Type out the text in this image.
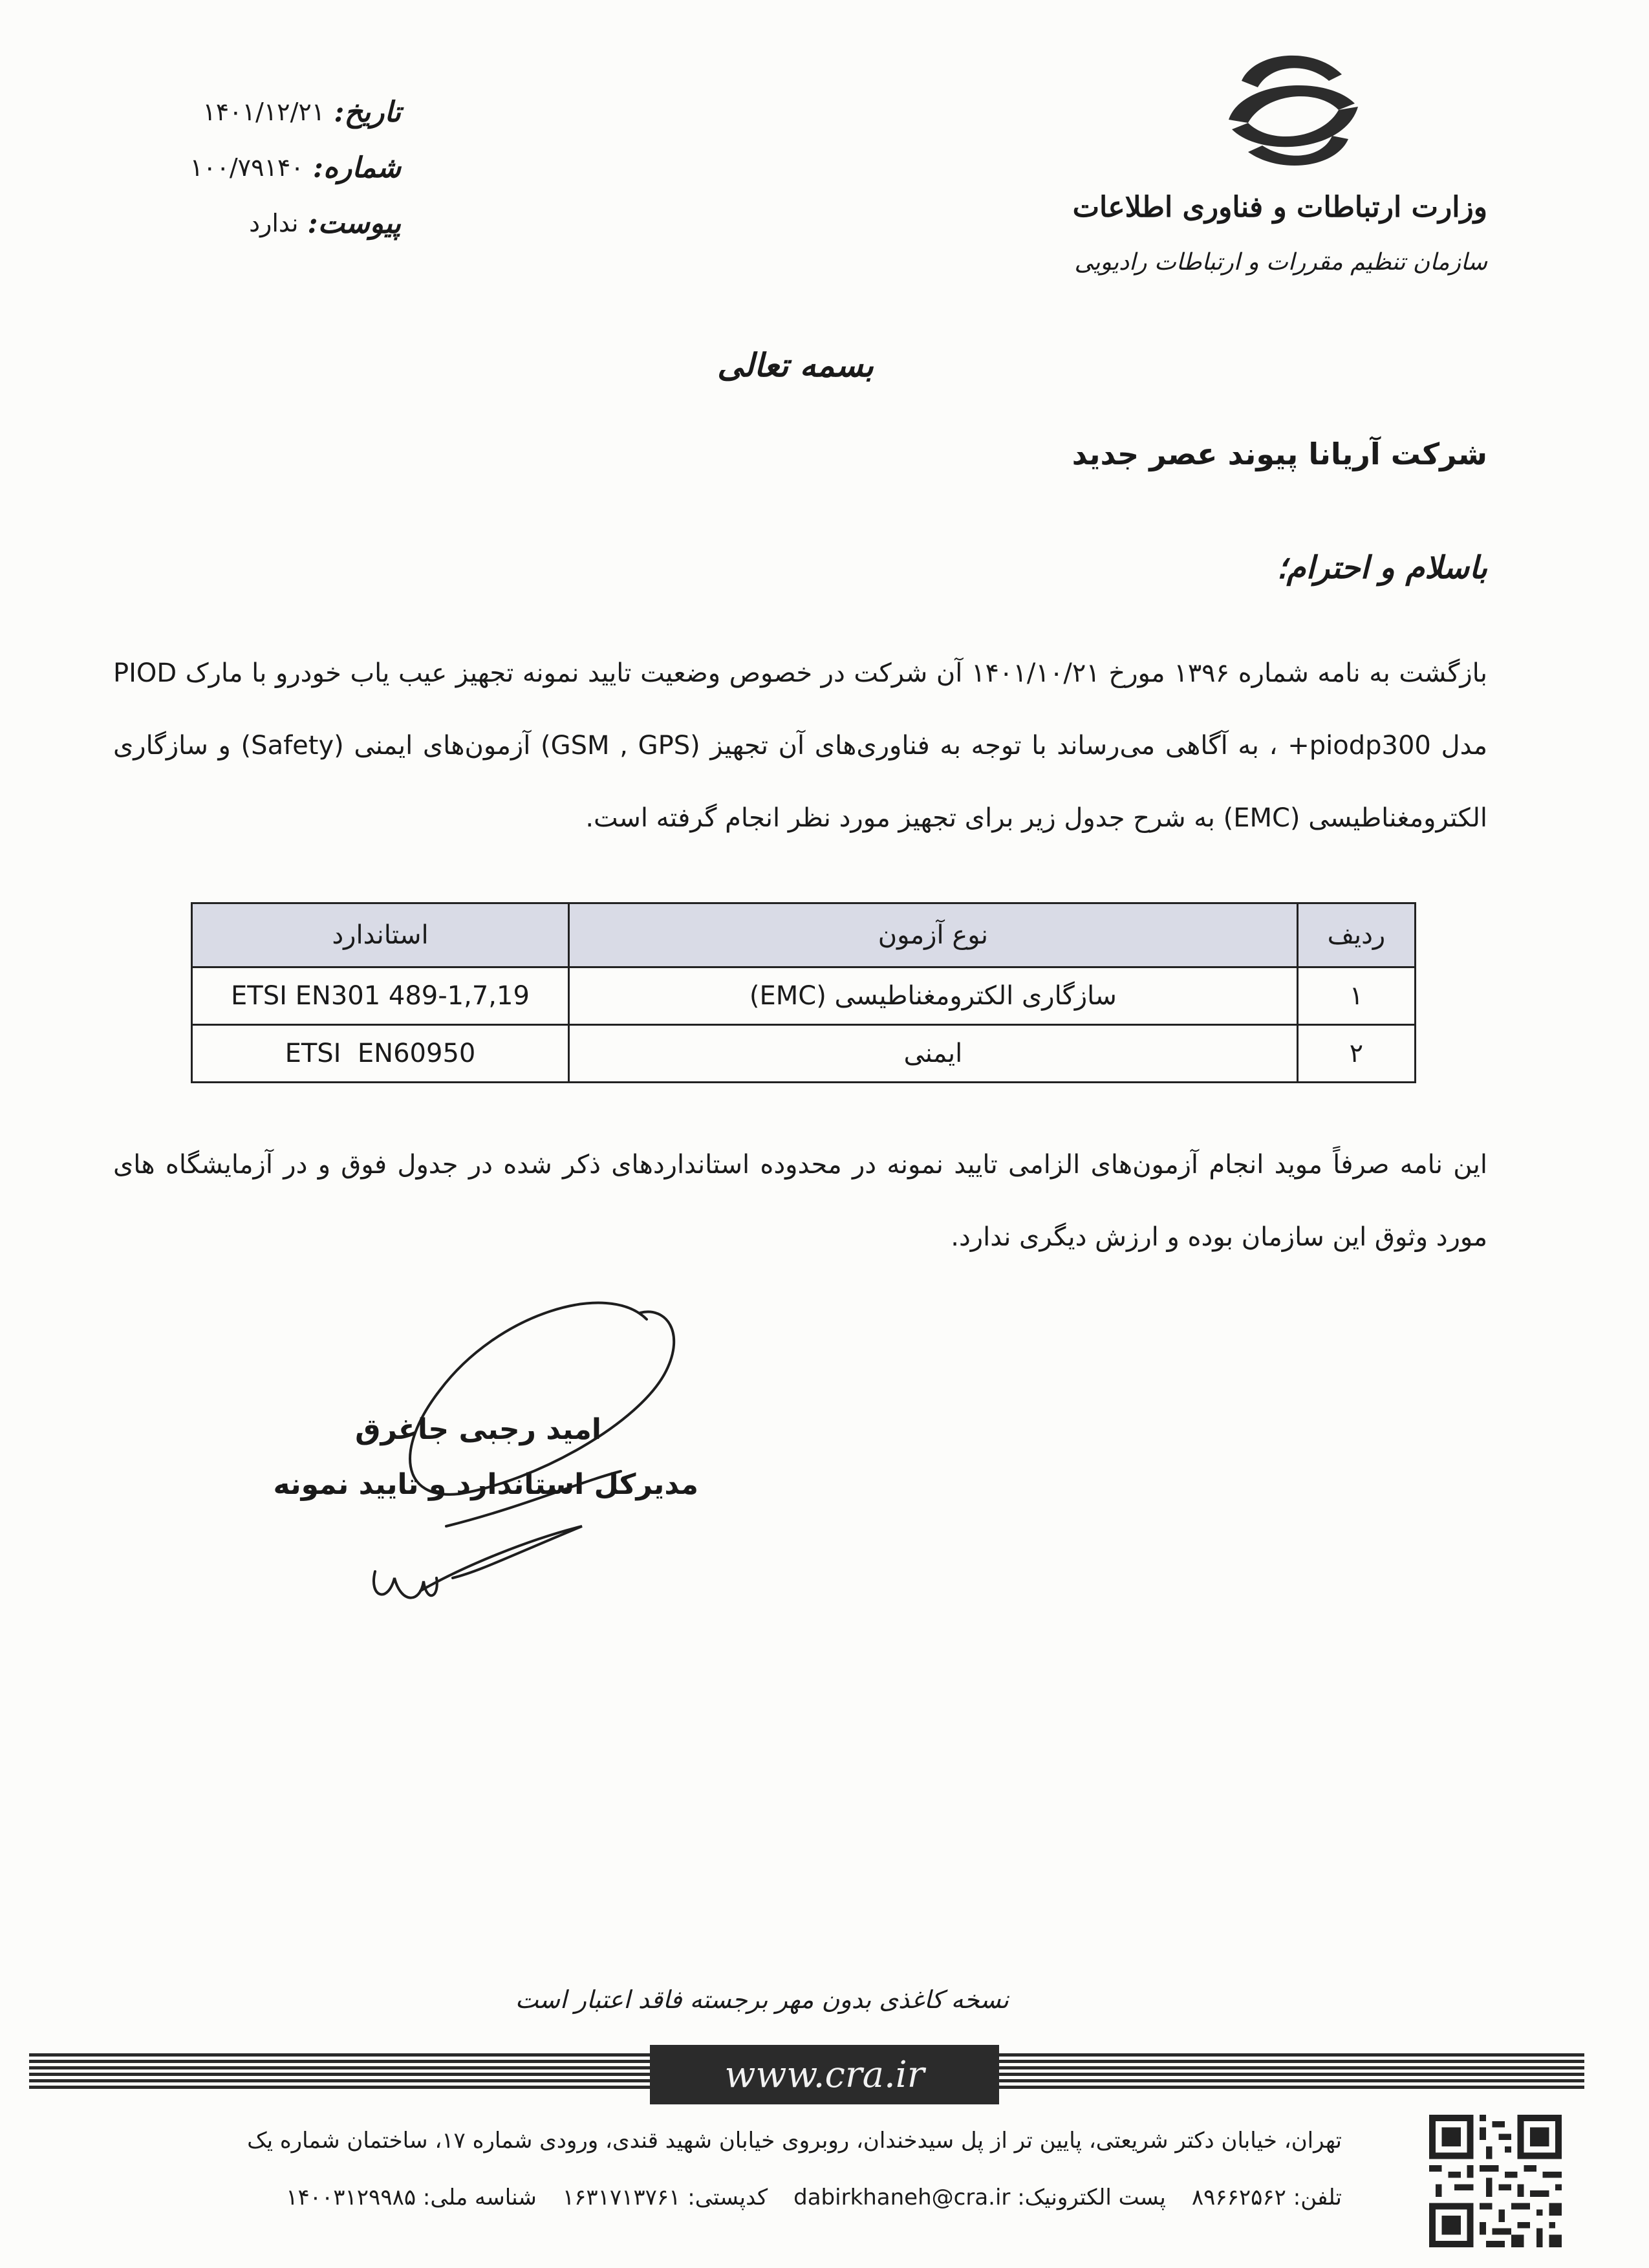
تاریخ:
۱۴۰۱/۱۲/۲۱
شماره:
۱۰۰/۷۹۱۴۰
پیوست:
ندارد	وزارت ارتباطات و فناوری اطلاعات
سازمان تنظیم مقررات و ارتباطات رادیویی
بسمه تعالی
شرکت آریانا پیوند عصر جدید
باسلام و احترام؛
بازگشت به نامه شماره ۱۳۹۶ مورخ ۱۴۰۱/۱۰/۲۱ آن شرکت در خصوص وضعیت تایید نمونه تجهیز عیب یاب خودرو با مارک PIOD مدل piodp300+ ، به آگاهی می‌رساند با توجه به فناوری‌های آن تجهیز (GSM , GPS) آزمون‌های ایمنی (Safety) و سازگاری الکترومغناطیسی (EMC) به شرح جدول زیر برای تجهیز مورد نظر انجام گرفته است.
ردیف	نوع آزمون	استاندارد
۱	سازگاری الکترومغناطیسی (EMC)	ETSI EN301 489-1,7,19
۲	ایمنی	ETSI  EN60950
این نامه صرفاً موید انجام آزمون‌های الزامی تایید نمونه در محدوده استانداردهای ذکر شده در جدول فوق و در آزمایشگاه های مورد وثوق این سازمان بوده و ارزش دیگری ندارد.
امید رجبی جاغرق
مدیرکل استاندارد و تایید نمونه
نسخه کاغذی بدون مهر برجسته فاقد اعتبار است
www.cra.ir
تهران، خیابان دکتر شریعتی، پایین تر از پل سیدخندان، روبروی خیابان شهید قندی، ورودی شماره ۱۷، ساختمان شماره یک
تلفن: ۸۹۶۶۲۵۶۲
پست الکترونیک: dabirkhaneh@cra.ir
کدپستی: ۱۶۳۱۷۱۳۷۶۱
شناسه ملی: ۱۴۰۰۳۱۲۹۹۸۵
